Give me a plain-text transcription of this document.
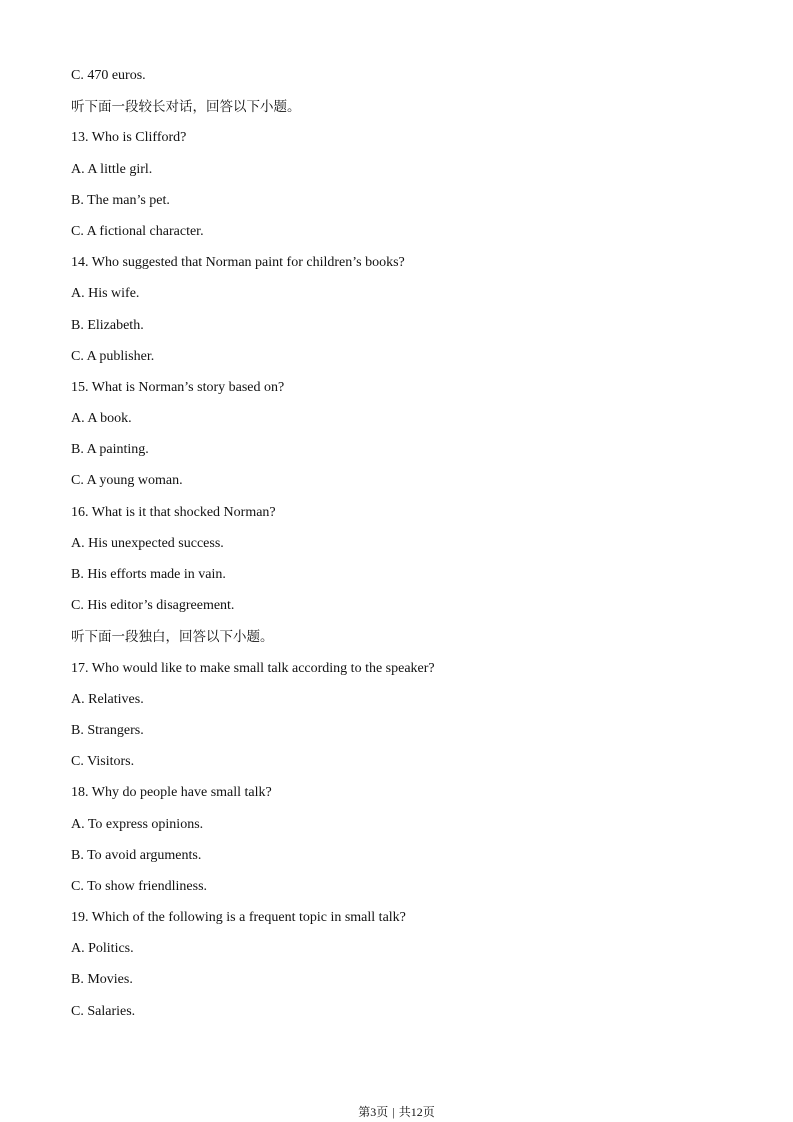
C. 470 euros.
听下面一段较长对话，回答以下小题。
13. Who is Clifford?
A. A little girl.
B. The man’s pet.
C. A fictional character.
14. Who suggested that Norman paint for children’s books?
A. His wife.
B. Elizabeth.
C. A publisher.
15. What is Norman’s story based on?
A. A book.
B. A painting.
C. A young woman.
16. What is it that shocked Norman?
A. His unexpected success.
B. His efforts made in vain.
C. His editor’s disagreement.
听下面一段独白，回答以下小题。
17. Who would like to make small talk according to the speaker?
A. Relatives.
B. Strangers.
C. Visitors.
18. Why do people have small talk?
A. To express opinions.
B. To avoid arguments.
C. To show friendliness.
19. Which of the following is a frequent topic in small talk?
A. Politics.
B. Movies.
C. Salaries.
第3页 | 共12页
